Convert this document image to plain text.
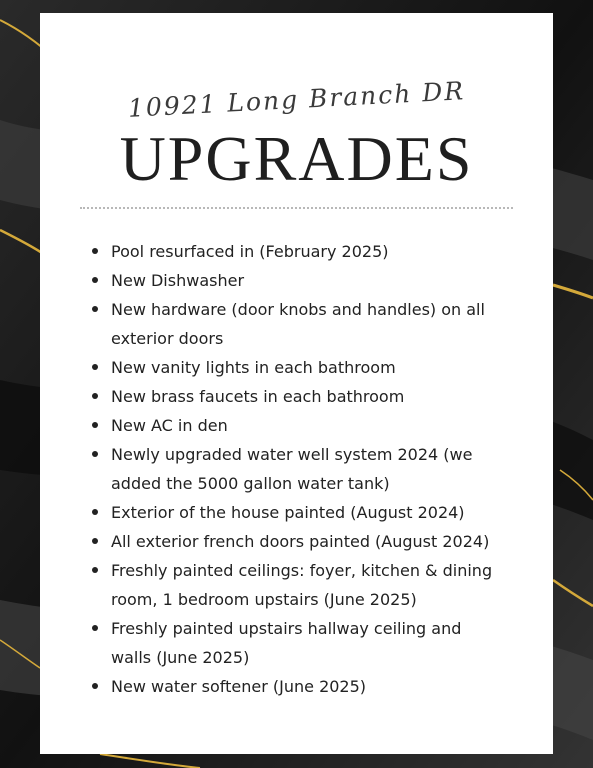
10921 Long Branch DR
UPGRADES
Pool resurfaced in (February 2025)
New Dishwasher
New hardware (door knobs and handles) on all
exterior doors
New vanity lights in each bathroom
New brass faucets in each bathroom
New AC in den
Newly upgraded water well system 2024 (we
added the 5000 gallon water tank)
Exterior of the house painted (August 2024)
All exterior french doors painted (August 2024)
Freshly painted ceilings: foyer, kitchen & dining
room, 1 bedroom upstairs (June 2025)
Freshly painted upstairs hallway ceiling and
walls (June 2025)
New water softener (June 2025)
